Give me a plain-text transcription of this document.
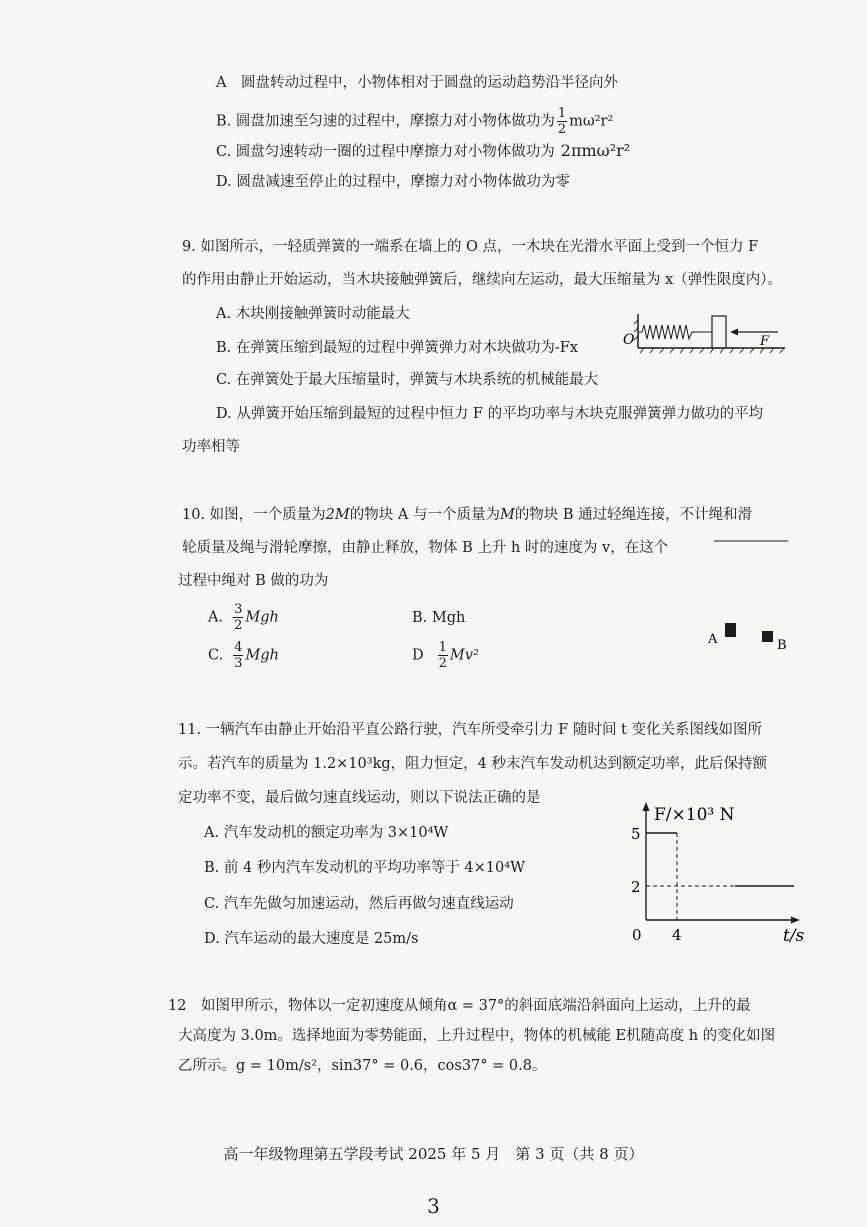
A　圆盘转动过程中，小物体相对于圆盘的运动趋势沿半径向外
B. 圆盘加速至匀速的过程中，摩擦力对小物体做功为 $\frac{1}{2} m\omega^2r^2$
C. 圆盘匀速转动一圈的过程中摩擦力对小物体做功为 2πmω²r²
D. 圆盘减速至停止的过程中，摩擦力对小物体做功为零
9. 如图所示，一轻质弹簧的一端系在墙上的 O 点，一木块在光滑水平面上受到一个恒力 F
的作用由静止开始运动，当木块接触弹簧后，继续向左运动，最大压缩量为 x（弹性限度内）。
A. 木块刚接触弹簧时动能最大
B. 在弹簧压缩到最短的过程中弹簧弹力对木块做功为-Fx
C. 在弹簧处于最大压缩量时，弹簧与木块系统的机械能最大
D. 从弹簧开始压缩到最短的过程中恒力 F 的平均功率与木块克服弹簧弹力做功的平均
功率相等
O	F
10. 如图，一个质量为2M的物块 A 与一个质量为M的物块 B 通过轻绳连接，不计绳和滑
轮质量及绳与滑轮摩擦，由静止释放，物体 B 上升 h 时的速度为 v，在这个
过程中绳对 B 做的功为
A. $\frac{3}{2}$ Mgh	B. Mgh
C. $\frac{4}{3}$ Mgh	D $\frac{1}{2} Mv^2$
A	B
11. 一辆汽车由静止开始沿平直公路行驶，汽车所受牵引力 F 随时间 t 变化关系图线如图所
示。若汽车的质量为 1.2×10³kg，阻力恒定，4 秒末汽车发动机达到额定功率，此后保持额
定功率不变，最后做匀速直线运动，则以下说法正确的是
A. 汽车发动机的额定功率为 3×10⁴W
B. 前 4 秒内汽车发动机的平均功率等于 4×10⁴W
C. 汽车先做匀加速运动，然后再做匀速直线运动
D. 汽车运动的最大速度是 25m/s
F/×10³ N
5
2
0 4	t/s
12　如图甲所示，物体以一定初速度从倾角α = 37°的斜面底端沿斜面向上运动，上升的最
大高度为 3.0m。选择地面为零势能面，上升过程中，物体的机械能 E机随高度 h 的变化如图
乙所示。g = 10m/s²，sin37° = 0.6，cos37° = 0.8。
高一年级物理第五学段考试 2025 年 5 月　第 3 页（共 8 页）
3
